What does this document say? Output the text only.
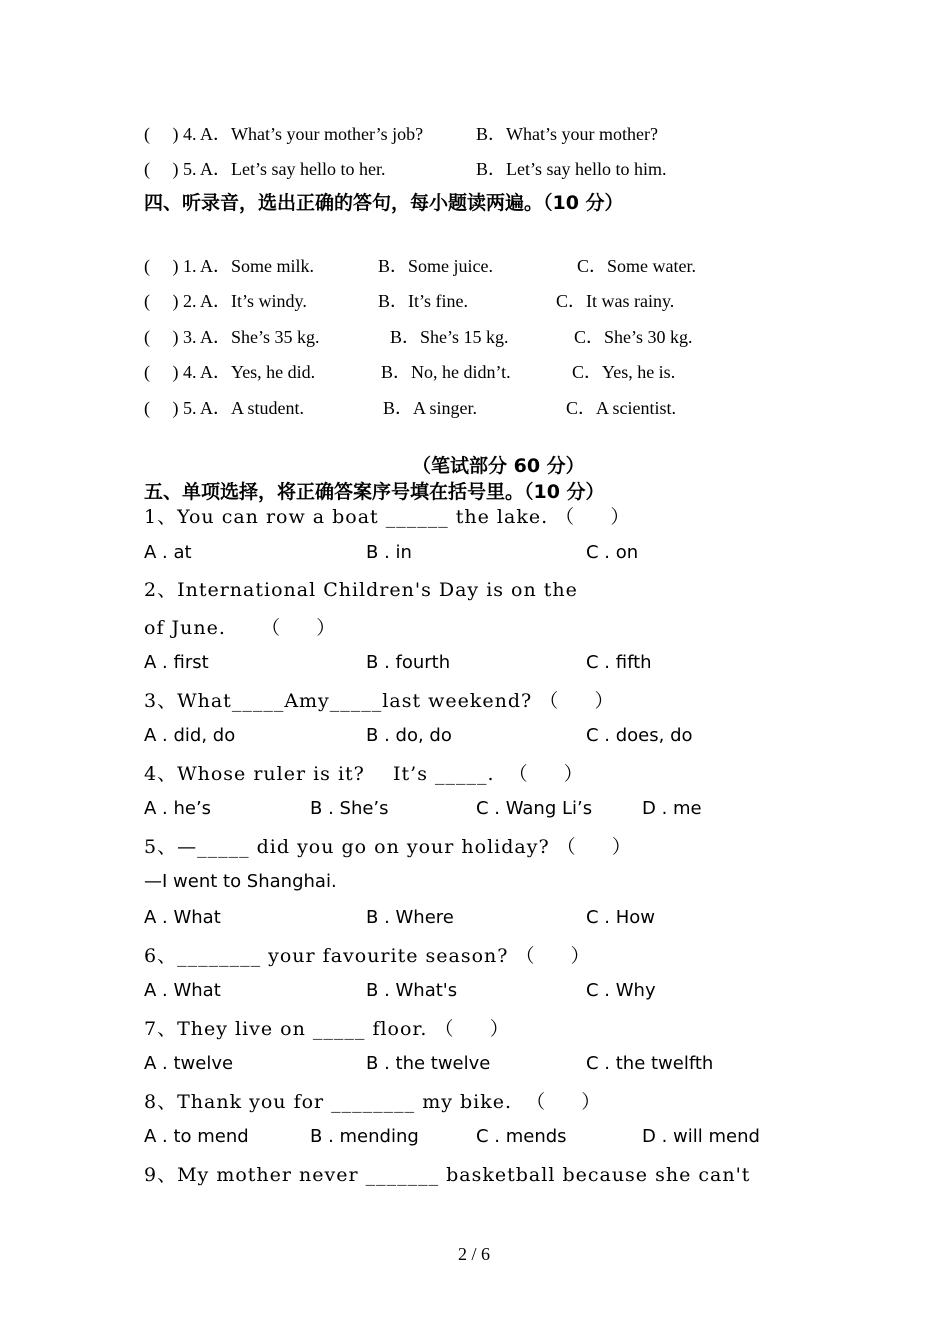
(     ) 4. A．What’s your mother’s job?	B．What’s your mother?
(     ) 5. A．Let’s say hello to her.	B．Let’s say hello to him.
四、听录音，选出正确的答句，每小题读两遍。（10 分）
(     ) 1. A．Some milk.	B．Some juice.	C．Some water.
(     ) 2. A．It’s windy.	B．It’s fine.	C．It was rainy.
(     ) 3. A．She’s 35 kg.	B．She’s 15 kg.	C．She’s 30 kg.
(     ) 4. A．Yes, he did.	B．No, he didn’t.	C．Yes, he is.
(     ) 5. A．A student.	B．A singer.	C．A scientist.
（笔试部分 60 分）
五、单项选择，将正确答案序号填在括号里。（10 分）
1、You can row a boat ______ the lake. （     ）
A . at	B . in	C . on
2、International Children's Day is on the
of June.     （     ）
A . first	B . fourth	C . fifth
3、What_____Amy_____last weekend? （     ）
A . did, do	B . do, do	C . does, do
4、Whose ruler is it?    It’s _____.  （     ）
A . he’s	B . She’s	C . Wang Li’s	D . me
5、—_____ did you go on your holiday? （     ）
—I went to Shanghai.
A . What	B . Where	C . How
6、________ your favourite season? （     ）
A . What	B . What's	C . Why
7、They live on _____ floor. （     ）
A . twelve	B . the twelve	C . the twelfth
8、Thank you for ________ my bike.  （     ）
A . to mend	B . mending	C . mends	D . will mend
9、My mother never _______ basketball because she can't
2 / 6
